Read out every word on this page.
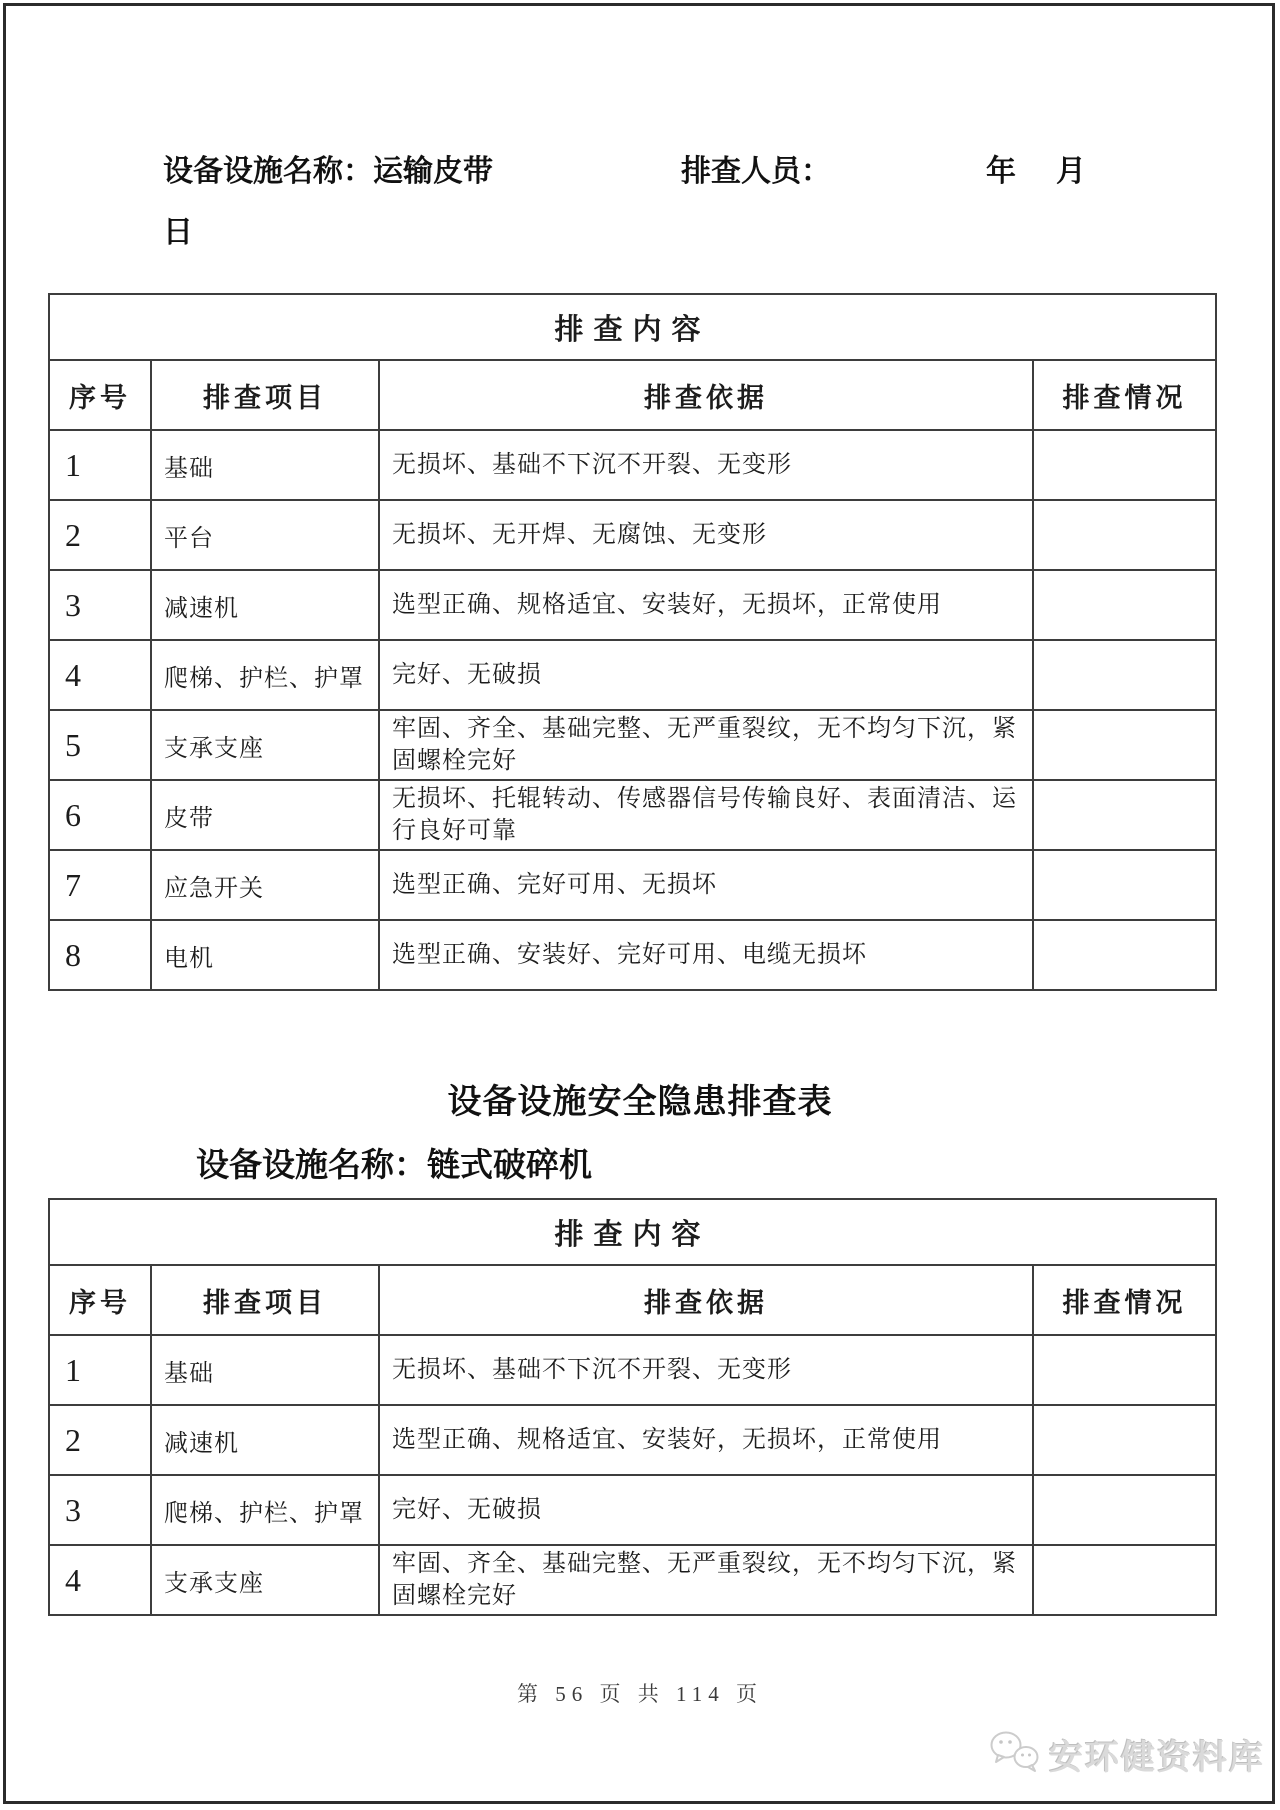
设备设施名称：运输皮带	排查人员：	年 月
日
排查内容			
序号	排查项目	排查依据	排查情况
1	基础	无损坏、基础不下沉不开裂、无变形	
2	平台	无损坏、无开焊、无腐蚀、无变形	
3	减速机	选型正确、规格适宜、安装好，无损坏，正常使用	
4	爬梯、护栏、护罩	完好、无破损	
5	支承支座	牢固、齐全、基础完整、无严重裂纹，无不均匀下沉，紧固螺栓完好	
6	皮带	无损坏、托辊转动、传感器信号传输良好、表面清洁、运行良好可靠	
7	应急开关	选型正确、完好可用、无损坏	
8	电机	选型正确、安装好、完好可用、电缆无损坏	
设备设施安全隐患排查表
设备设施名称：链式破碎机
排查内容			
序号	排查项目	排查依据	排查情况
1	基础	无损坏、基础不下沉不开裂、无变形	
2	减速机	选型正确、规格适宜、安装好，无损坏，正常使用	
3	爬梯、护栏、护罩	完好、无破损	
4	支承支座	牢固、齐全、基础完整、无严重裂纹，无不均匀下沉，紧固螺栓完好	
第 56 页 共 114 页
安环健资料库
